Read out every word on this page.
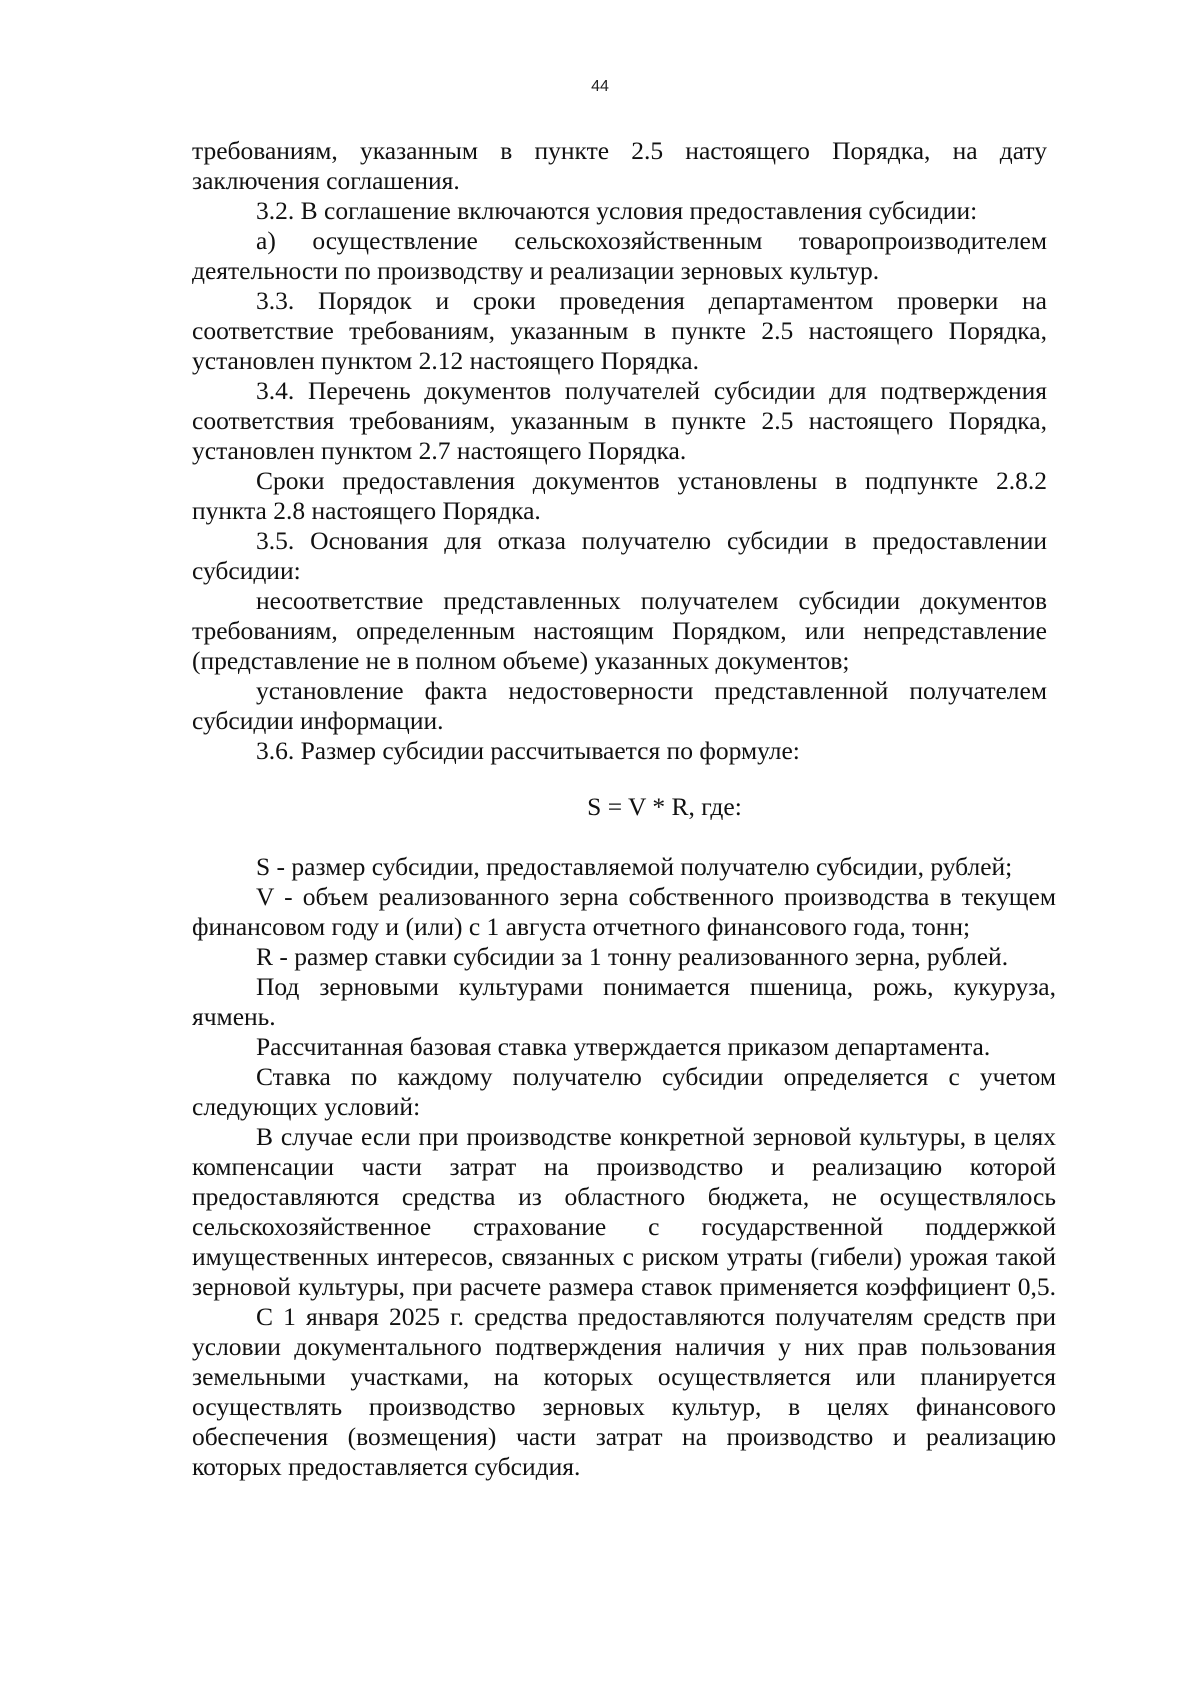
44
требованиям, указанным в пункте 2.5 настоящего Порядка, на дату
заключения соглашения.
3.2. В соглашение включаются условия предоставления субсидии:
а) осуществление сельскохозяйственным товаропроизводителем
деятельности по производству и реализации зерновых культур.
3.3. Порядок и сроки проведения департаментом проверки на
соответствие требованиям, указанным в пункте 2.5 настоящего Порядка,
установлен пунктом 2.12 настоящего Порядка.
3.4. Перечень документов получателей субсидии для подтверждения
соответствия требованиям, указанным в пункте 2.5 настоящего Порядка,
установлен пунктом 2.7 настоящего Порядка.
Сроки предоставления документов установлены в подпункте 2.8.2
пункта 2.8 настоящего Порядка.
3.5. Основания для отказа получателю субсидии в предоставлении
субсидии:
несоответствие представленных получателем субсидии документов
требованиям, определенным настоящим Порядком, или непредставление
(представление не в полном объеме) указанных документов;
установление факта недостоверности представленной получателем
субсидии информации.
3.6. Размер субсидии рассчитывается по формуле:
S = V * R, где:
S - размер субсидии, предоставляемой получателю субсидии, рублей;
V - объем реализованного зерна собственного производства в текущем
финансовом году и (или) с 1 августа отчетного финансового года, тонн;
R - размер ставки субсидии за 1 тонну реализованного зерна, рублей.
Под зерновыми культурами понимается пшеница, рожь, кукуруза,
ячмень.
Рассчитанная базовая ставка утверждается приказом департамента.
Ставка по каждому получателю субсидии определяется с учетом
следующих условий:
В случае если при производстве конкретной зерновой культуры, в целях
компенсации части затрат на производство и реализацию которой
предоставляются средства из областного бюджета, не осуществлялось
сельскохозяйственное страхование с государственной поддержкой
имущественных интересов, связанных с риском утраты (гибели) урожая такой
зерновой культуры, при расчете размера ставок применяется коэффициент 0,5.
С 1 января 2025 г. средства предоставляются получателям средств при
условии документального подтверждения наличия у них прав пользования
земельными участками, на которых осуществляется или планируется
осуществлять производство зерновых культур, в целях финансового
обеспечения (возмещения) части затрат на производство и реализацию
которых предоставляется субсидия.
